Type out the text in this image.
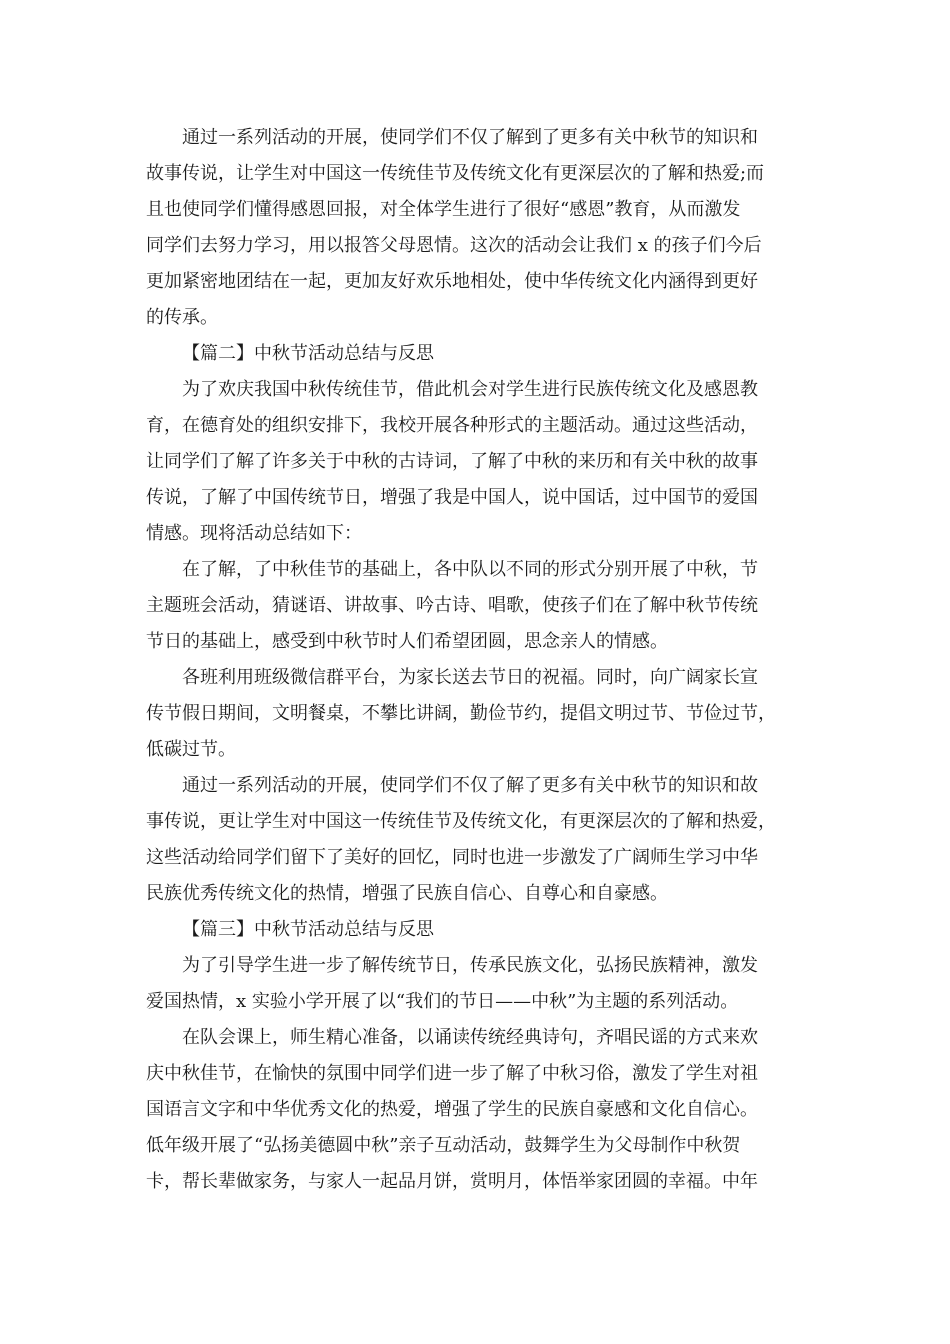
通过一系列活动的开展，使同学们不仅了解到了更多有关中秋节的知识和
故事传说，让学生对中国这一传统佳节及传统文化有更深层次的了解和热爱;而
且也使同学们懂得感恩回报，对全体学生进行了很好“感恩”教育，从而激发
同学们去努力学习，用以报答父母恩情。这次的活动会让我们 x 的孩子们今后
更加紧密地团结在一起，更加友好欢乐地相处，使中华传统文化内涵得到更好
的传承。
【篇二】中秋节活动总结与反思
为了欢庆我国中秋传统佳节，借此机会对学生进行民族传统文化及感恩教
育，在德育处的组织安排下，我校开展各种形式的主题活动。通过这些活动，
让同学们了解了许多关于中秋的古诗词，了解了中秋的来历和有关中秋的故事
传说，了解了中国传统节日，增强了我是中国人，说中国话，过中国节的爱国
情感。现将活动总结如下：
在了解，了中秋佳节的基础上，各中队以不同的形式分别开展了中秋，节
主题班会活动，猜谜语、讲故事、吟古诗、唱歌，使孩子们在了解中秋节传统
节日的基础上，感受到中秋节时人们希望团圆，思念亲人的情感。
各班利用班级微信群平台，为家长送去节日的祝福。同时，向广阔家长宣
传节假日期间，文明餐桌，不攀比讲阔，勤俭节约，提倡文明过节、节俭过节，
低碳过节。
通过一系列活动的开展，使同学们不仅了解了更多有关中秋节的知识和故
事传说，更让学生对中国这一传统佳节及传统文化，有更深层次的了解和热爱，
这些活动给同学们留下了美好的回忆，同时也进一步激发了广阔师生学习中华
民族优秀传统文化的热情，增强了民族自信心、自尊心和自豪感。
【篇三】中秋节活动总结与反思
为了引导学生进一步了解传统节日，传承民族文化，弘扬民族精神，激发
爱国热情，x 实验小学开展了以“我们的节日——中秋”为主题的系列活动。
在队会课上，师生精心准备，以诵读传统经典诗句，齐唱民谣的方式来欢
庆中秋佳节，在愉快的氛围中同学们进一步了解了中秋习俗，激发了学生对祖
国语言文字和中华优秀文化的热爱，增强了学生的民族自豪感和文化自信心。
低年级开展了“弘扬美德圆中秋”亲子互动活动，鼓舞学生为父母制作中秋贺
卡，帮长辈做家务，与家人一起品月饼，赏明月，体悟举家团圆的幸福。中年
